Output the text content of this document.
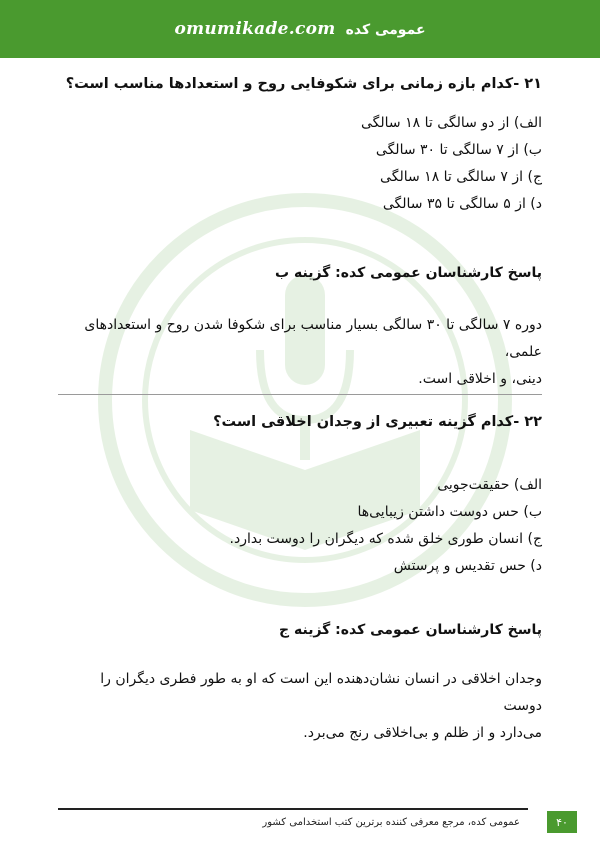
omumikade.com عمومی کده
۲۱ -کدام بازه زمانی برای شکوفایی روح و استعدادها مناسب است؟
الف) از دو سالگی تا ۱۸ سالگی
ب) از ۷ سالگی تا ۳۰ سالگی
ج) از ۷ سالگی تا ۱۸ سالگی
د) از ۵ سالگی تا ۳۵ سالگی
پاسخ کارشناسان عمومی کده: گزینه ب
دوره ۷ سالگی تا ۳۰ سالگی بسیار مناسب برای شکوفا شدن روح و استعدادهای علمی،
دینی، و اخلاقی است.
۲۲ -کدام گزینه تعبیری از وجدان اخلاقی است؟
الف) حقیقت‌جویی
ب) حس دوست داشتن زیبایی‌ها
ج) انسان طوری خلق شده که دیگران را دوست بدارد.
د) حس تقدیس و پرستش
پاسخ کارشناسان عمومی کده: گزینه ج
وجدان اخلاقی در انسان نشان‌دهنده این است که او به طور فطری دیگران را دوست
می‌دارد و از ظلم و بی‌اخلاقی رنج می‌برد.
عمومی کده، مرجع معرفی کننده برترین کتب استخدامی کشور	۴۰
